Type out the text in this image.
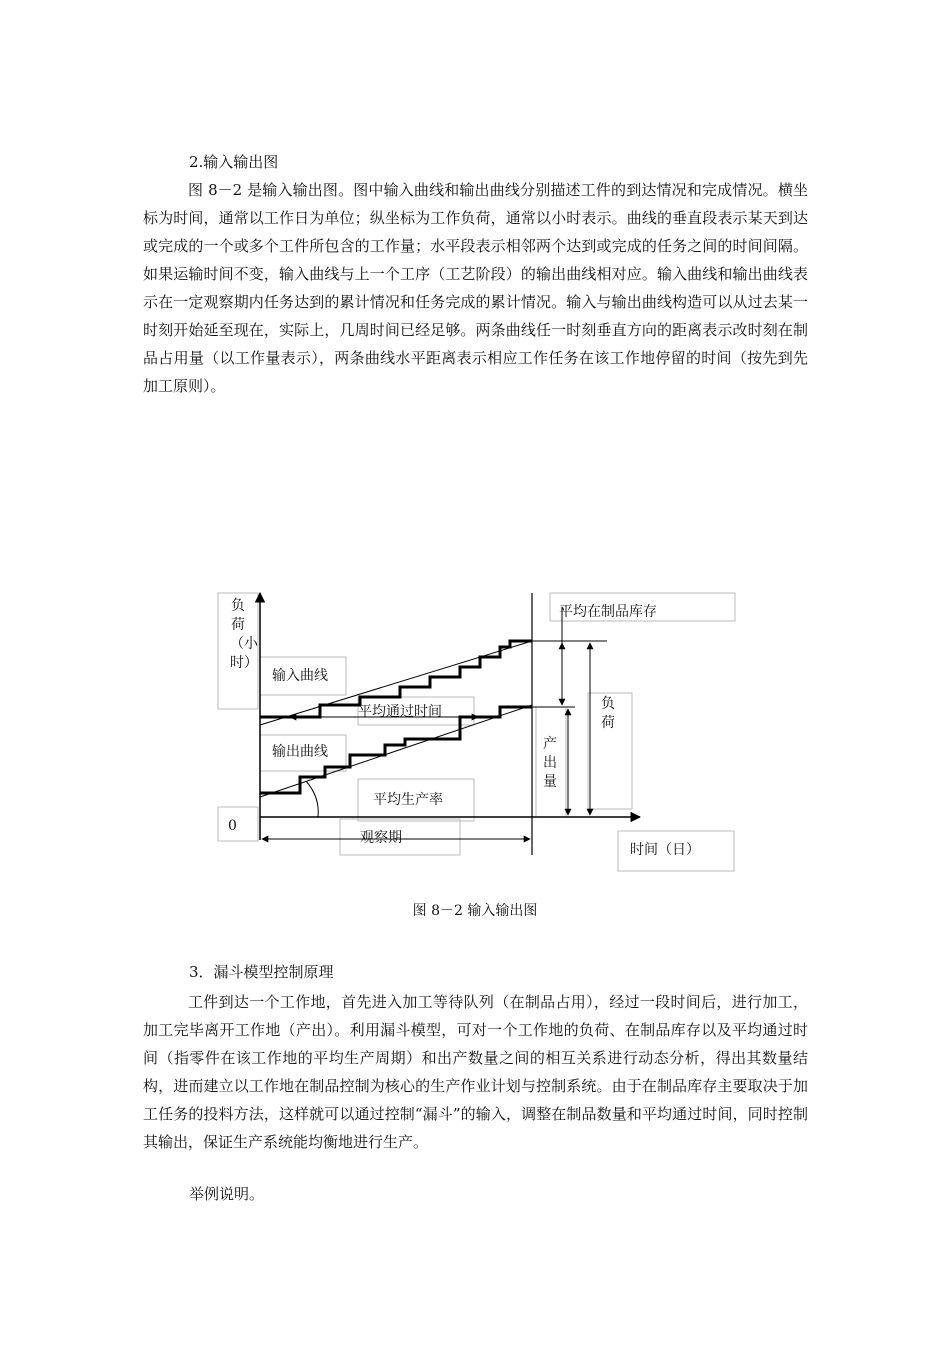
2.输入输出图
图 8－2 是输入输出图。图中输入曲线和输出曲线分别描述工件的到达情况和完成情况。横坐标为时间，通常以工作日为单位；纵坐标为工作负荷，通常以小时表示。曲线的垂直段表示某天到达或完成的一个或多个工件所包含的工作量；水平段表示相邻两个达到或完成的任务之间的时间间隔。如果运输时间不变，输入曲线与上一个工序（工艺阶段）的输出曲线相对应。输入曲线和输出曲线表示在一定观察期内任务达到的累计情况和任务完成的累计情况。输入与输出曲线构造可以从过去某一时刻开始延至现在，实际上，几周时间已经足够。两条曲线任一时刻垂直方向的距离表示改时刻在制品占用量（以工作量表示），两条曲线水平距离表示相应工作任务在该工作地停留的时间（按先到先加工原则）。
负荷（小时）
输入曲线
平均通过时间
输出曲线
平均生产率
0
观察期
平均在制品库存
产出量
负荷
时间（日）
图 8－2 输入输出图
3．漏斗模型控制原理
工件到达一个工作地，首先进入加工等待队列（在制品占用），经过一段时间后，进行加工，加工完毕离开工作地（产出）。利用漏斗模型，可对一个工作地的负荷、在制品库存以及平均通过时间（指零件在该工作地的平均生产周期）和出产数量之间的相互关系进行动态分析，得出其数量结构，进而建立以工作地在制品控制为核心的生产作业计划与控制系统。由于在制品库存主要取决于加工任务的投料方法，这样就可以通过控制“漏斗”的输入，调整在制品数量和平均通过时间，同时控制其输出，保证生产系统能均衡地进行生产。
举例说明。
